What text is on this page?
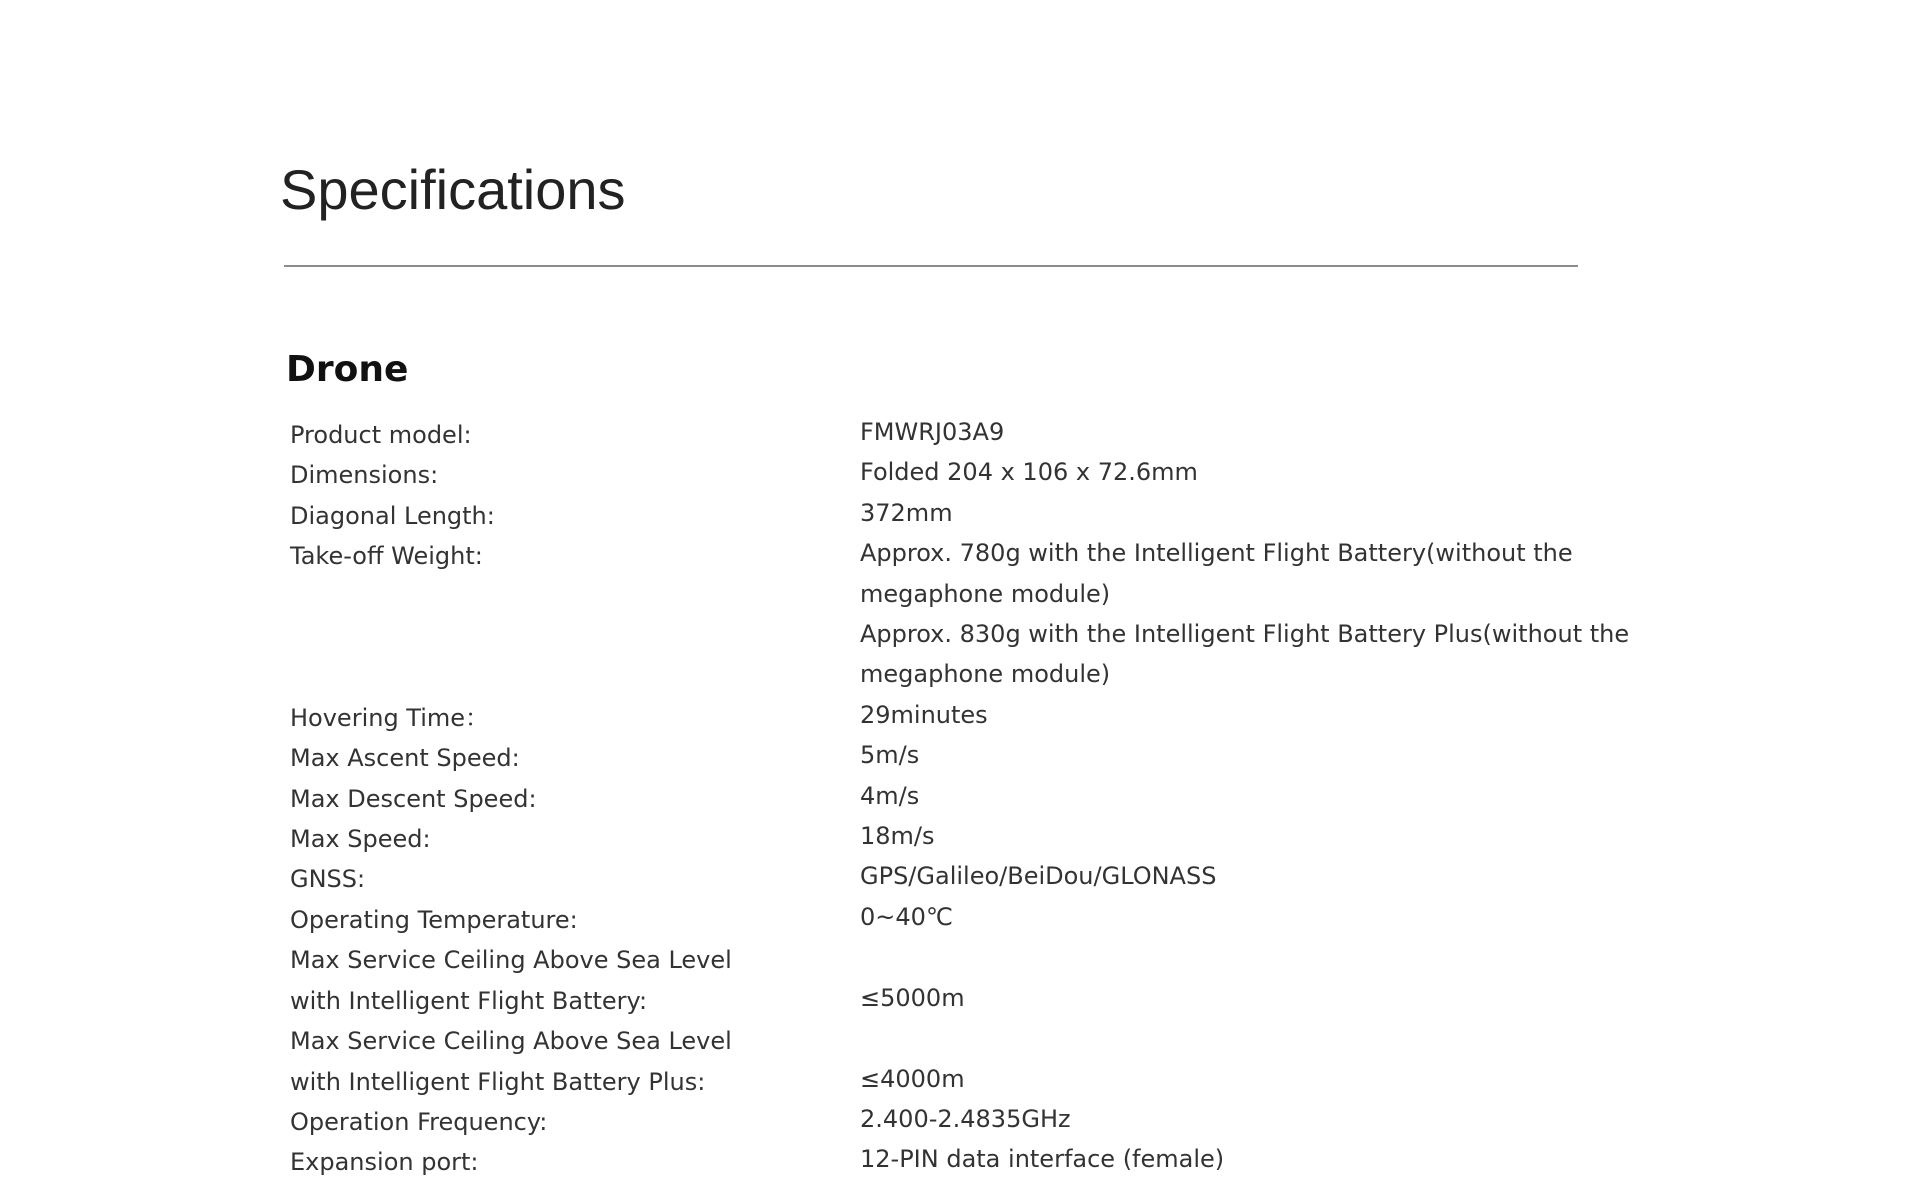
Specifications
Drone
Product model:	FMWRJ03A9
Dimensions:	Folded 204 x 106 x 72.6mm
Diagonal Length:	372mm
Take-off Weight:	Approx. 780g with the Intelligent Flight Battery(without the
megaphone module)
Approx. 830g with the Intelligent Flight Battery Plus(without the
megaphone module)
Hovering Time：	29minutes
Max Ascent Speed:	5m/s
Max Descent Speed:	4m/s
Max Speed:	18m/s
GNSS:	GPS/Galileo/BeiDou/GLONASS
Operating Temperature:	0~40℃
Max Service Ceiling Above Sea Level
with Intelligent Flight Battery:	≤5000m
Max Service Ceiling Above Sea Level
with Intelligent Flight Battery Plus:	≤4000m
Operation Frequency:	2.400-2.4835GHz
Expansion port:	12-PIN data interface (female)
